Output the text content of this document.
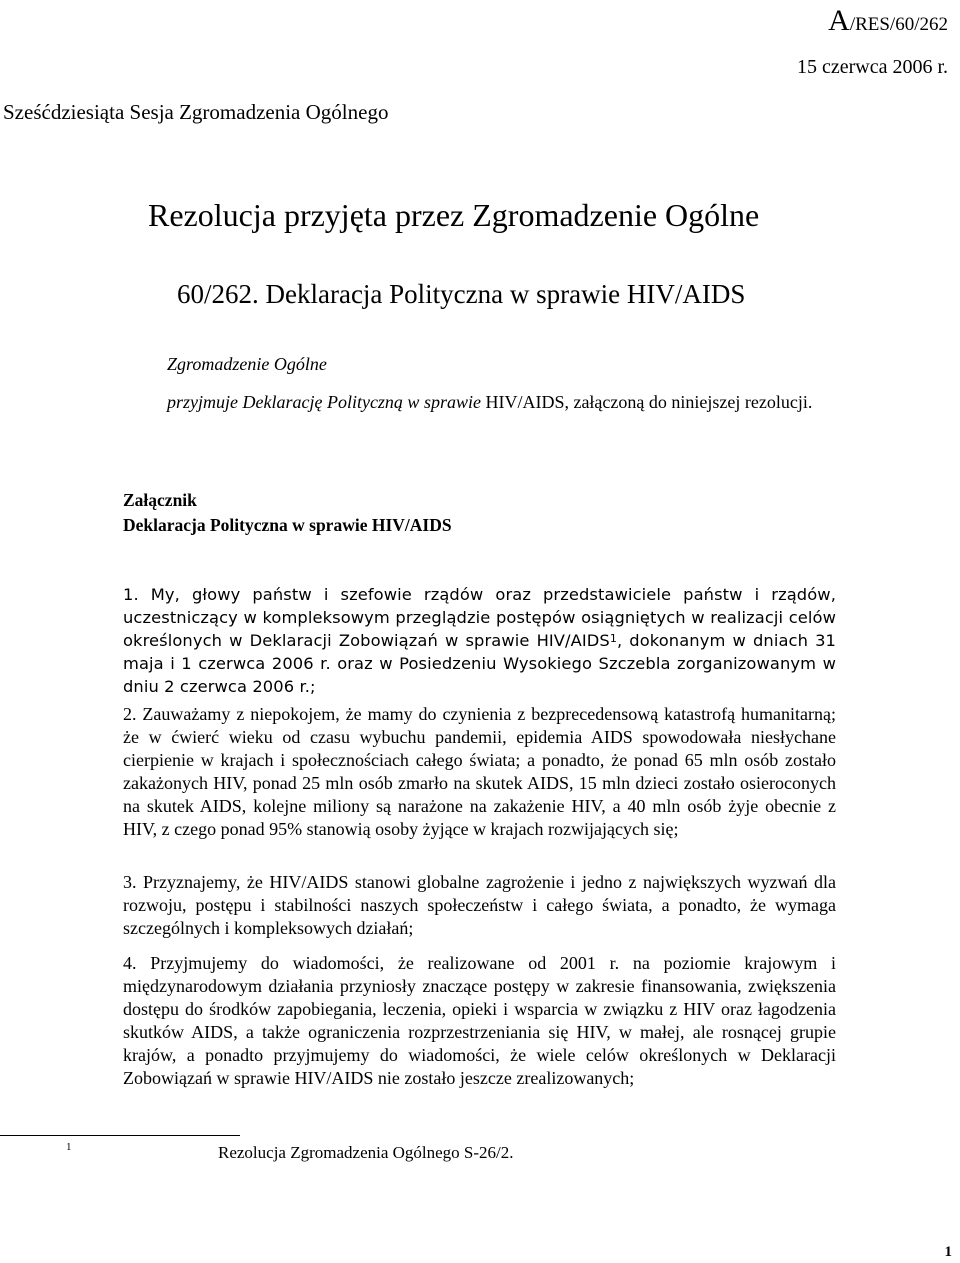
A/RES/60/262
15 czerwca 2006 r.
Sześćdziesiąta Sesja Zgromadzenia Ogólnego
Rezolucja przyjęta przez Zgromadzenie Ogólne
60/262. Deklaracja Polityczna w sprawie HIV/AIDS
Zgromadzenie Ogólne
przyjmuje Deklarację Polityczną w sprawie HIV/AIDS, załączoną do niniejszej rezolucji.
Załącznik
Deklaracja Polityczna w sprawie HIV/AIDS
1. My, głowy państw i szefowie rządów oraz przedstawiciele państw i rządów, uczestniczący w kompleksowym przeglądzie postępów osiągniętych w realizacji celów określonych w Deklaracji Zobowiązań w sprawie HIV/AIDS$^1$, dokonanym w dniach 31 maja i 1 czerwca 2006 r. oraz w Posiedzeniu Wysokiego Szczebla zorganizowanym w dniu 2 czerwca 2006 r.;
2. Zauważamy z niepokojem, że mamy do czynienia z bezprecedensową katastrofą humanitarną; że w ćwierć wieku od czasu wybuchu pandemii, epidemia AIDS spowodowała niesłychane cierpienie w krajach i społecznościach całego świata; a ponadto, że ponad 65 mln osób zostało zakażonych HIV, ponad 25 mln osób zmarło na skutek AIDS, 15 mln dzieci zostało osieroconych na skutek AIDS, kolejne miliony są narażone na zakażenie HIV, a 40 mln osób żyje obecnie z HIV, z czego ponad 95% stanowią osoby żyjące w krajach rozwijających się;
3. Przyznajemy, że HIV/AIDS stanowi globalne zagrożenie i jedno z największych wyzwań dla rozwoju, postępu i stabilności naszych społeczeństw i całego świata, a ponadto, że wymaga szczególnych i kompleksowych działań;
4. Przyjmujemy do wiadomości, że realizowane od 2001 r. na poziomie krajowym i międzynarodowym działania przyniosły znaczące postępy w zakresie finansowania, zwiększenia dostępu do środków zapobiegania, leczenia, opieki i wsparcia w związku z HIV oraz łagodzenia skutków AIDS, a także ograniczenia rozprzestrzeniania się HIV, w małej, ale rosnącej grupie krajów, a ponadto przyjmujemy do wiadomości, że wiele celów określonych w Deklaracji Zobowiązań w sprawie HIV/AIDS nie zostało jeszcze zrealizowanych;
1	Rezolucja Zgromadzenia Ogólnego S-26/2.
1
